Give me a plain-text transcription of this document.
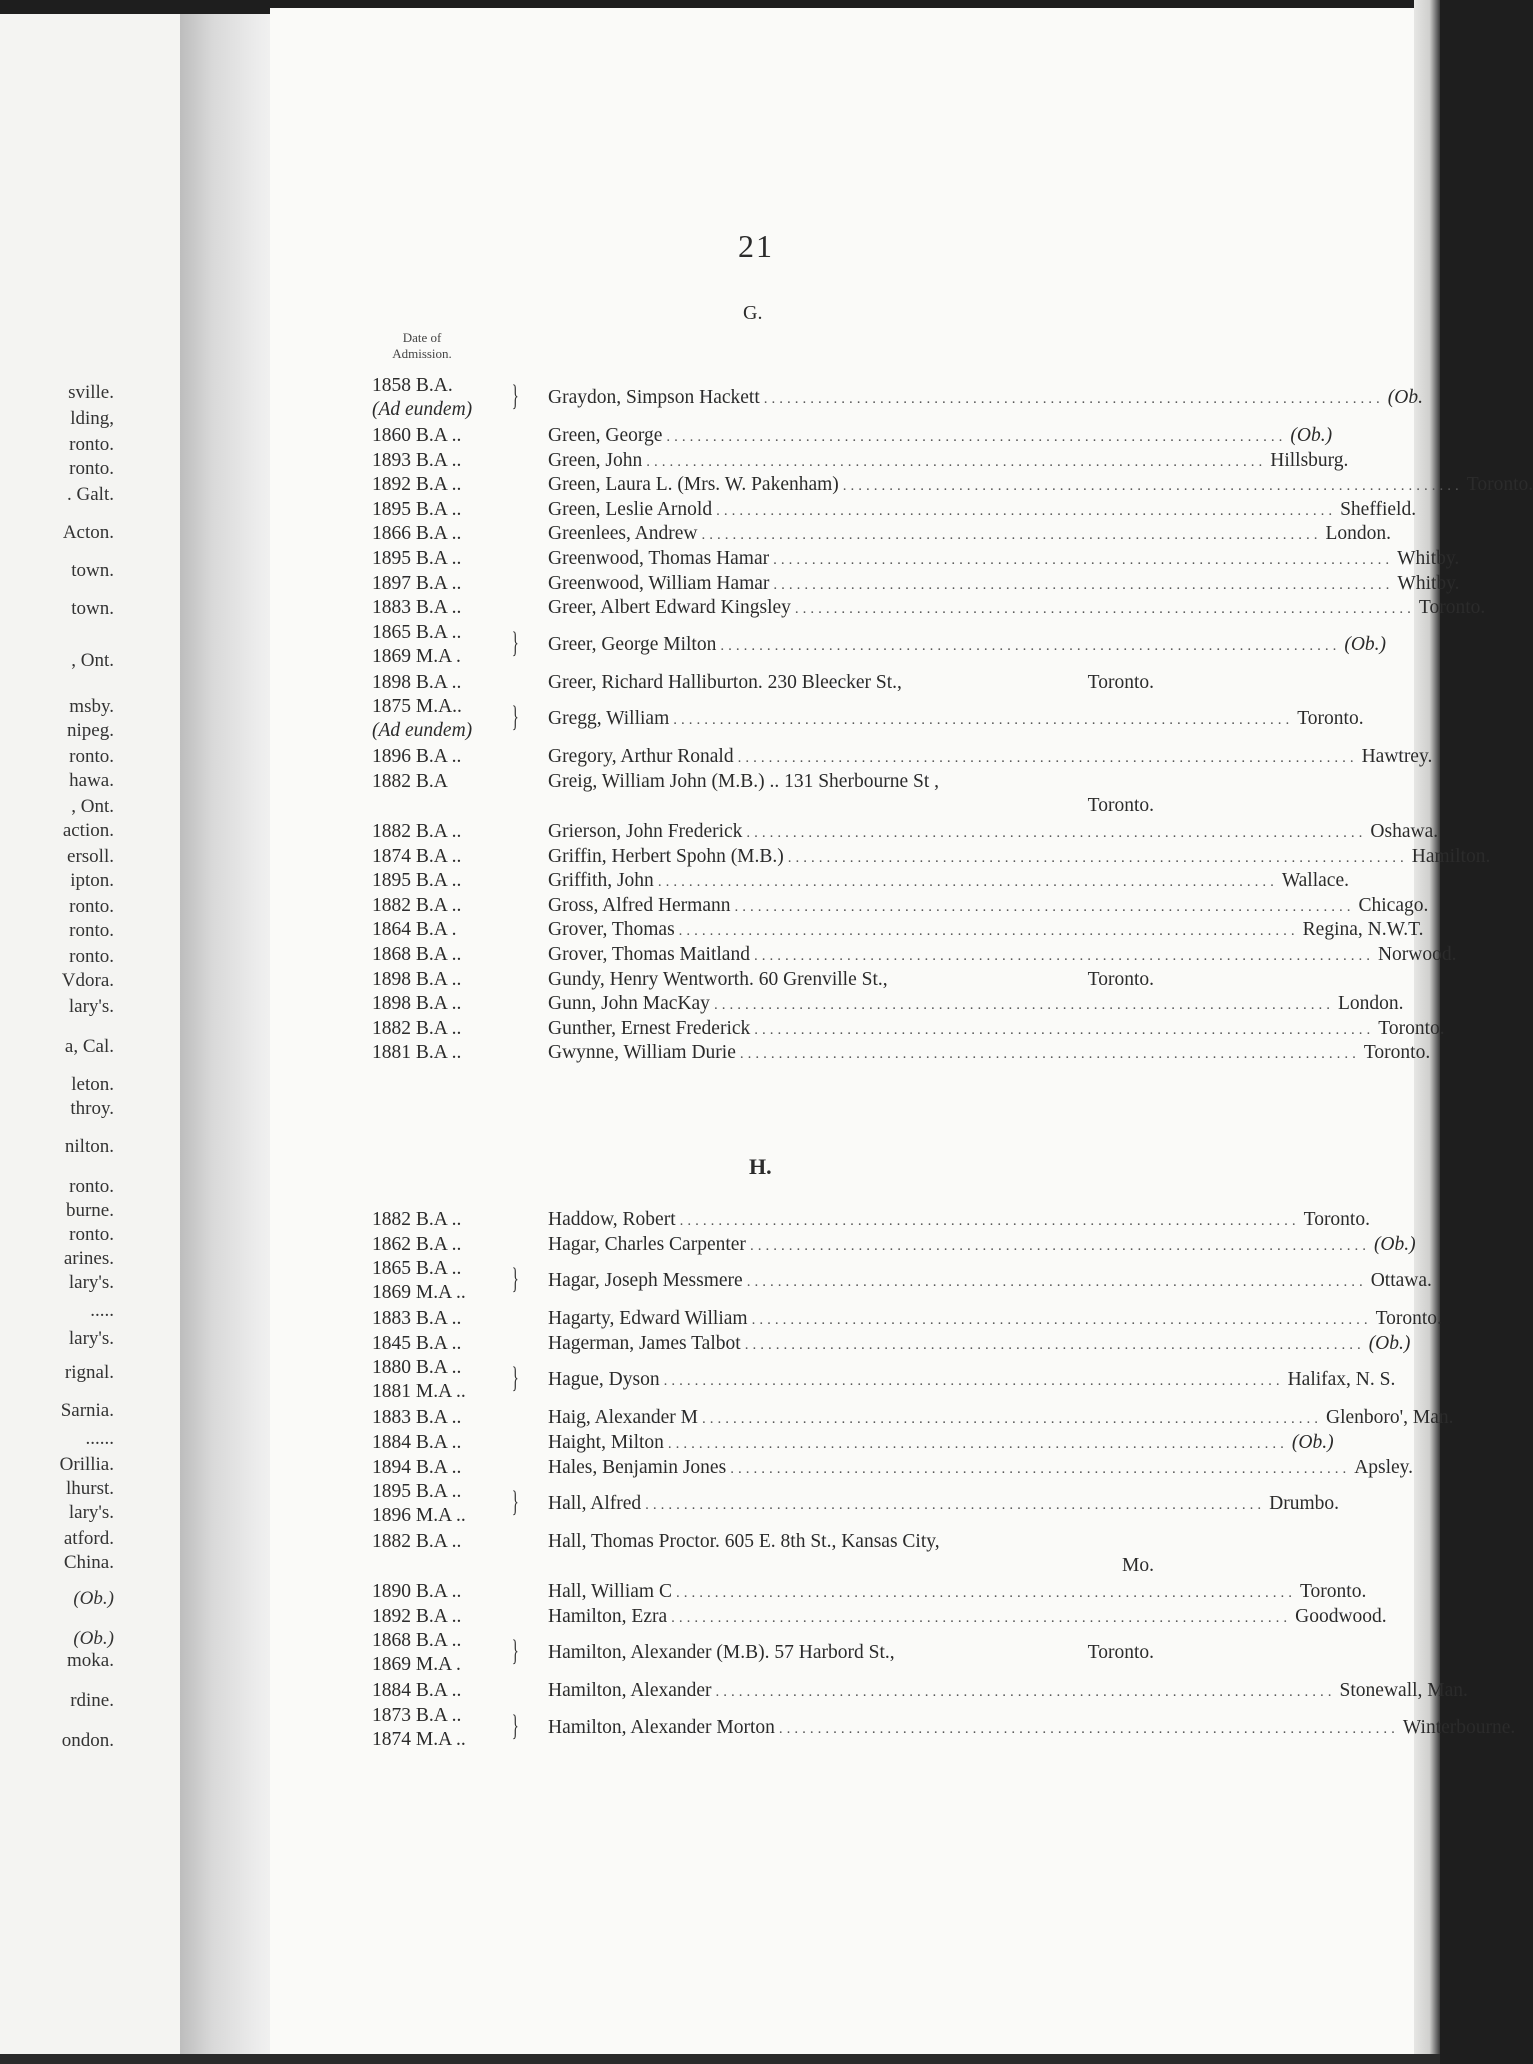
sville.
lding,
ronto.
ronto.
. Galt.
Acton.
town.
town.
, Ont.
msby.
nipeg.
ronto.
hawa.
, Ont.
action.
ersoll.
ipton.
ronto.
ronto.
ronto.
Vdora.
lary's.
a, Cal.
leton.
throy.
nilton.
ronto.
burne.
ronto.
arines.
lary's.
.....
lary's.
rignal.
Sarnia.
......
Orillia.
lhurst.
lary's.
atford.
China.
(Ob.)
(Ob.)
moka.
rdine.
ondon.
21
G.
Date of Admission.
H.
1858 B.A.
(Ad eundem)	} Graydon, Simpson Hackett ................................................................................ (Ob.
1860 B.A ..	Green, George ................................................................................ (Ob.)
1893 B.A ..	Green, John ................................................................................ Hillsburg.
1892 B.A ..	Green, Laura L. (Mrs. W. Pakenham) ................................................................................ Toronto.
1895 B.A ..	Green, Leslie Arnold ................................................................................ Sheffield.
1866 B.A ..	Greenlees, Andrew ................................................................................ London.
1895 B.A ..	Greenwood, Thomas Hamar ................................................................................ Whitby.
1897 B.A ..	Greenwood, William Hamar ................................................................................ Whitby.
1883 B.A ..	Greer, Albert Edward Kingsley ................................................................................ Toronto.
1865 B.A ..
1869 M.A .	} Greer, George Milton ................................................................................ (Ob.)
1898 B.A ..	Greer, Richard Halliburton. 230 Bleecker St.,	Toronto.
1875 M.A..
(Ad eundem)	} Gregg, William ................................................................................ Toronto.
1896 B.A ..	Gregory, Arthur Ronald ................................................................................ Hawtrey.
1882 B.A	Greig, William John (M.B.) .. 131 Sherbourne St ,
Toronto.
1882 B.A ..	Grierson, John Frederick ................................................................................ Oshawa.
1874 B.A ..	Griffin, Herbert Spohn (M.B.) ................................................................................ Hamilton.
1895 B.A ..	Griffith, John ................................................................................ Wallace.
1882 B.A ..	Gross, Alfred Hermann ................................................................................ Chicago.
1864 B.A .	Grover, Thomas ................................................................................ Regina, N.W.T.
1868 B.A ..	Grover, Thomas Maitland ................................................................................ Norwood.
1898 B.A ..	Gundy, Henry Wentworth. 60 Grenville St.,	Toronto.
1898 B.A ..	Gunn, John MacKay ................................................................................ London.
1882 B.A ..	Gunther, Ernest Frederick ................................................................................ Toronto.
1881 B.A ..	Gwynne, William Durie ................................................................................ Toronto.
1882 B.A ..	Haddow, Robert ................................................................................ Toronto.
1862 B.A ..	Hagar, Charles Carpenter ................................................................................ (Ob.)
1865 B.A ..
1869 M.A ..	} Hagar, Joseph Messmere ................................................................................ Ottawa.
1883 B.A ..	Hagarty, Edward William ................................................................................ Toronto.
1845 B.A ..	Hagerman, James Talbot ................................................................................ (Ob.)
1880 B.A ..
1881 M.A ..	} Hague, Dyson ................................................................................ Halifax, N. S.
1883 B.A ..	Haig, Alexander M ................................................................................ Glenboro', Man.
1884 B.A ..	Haight, Milton ................................................................................ (Ob.)
1894 B.A ..	Hales, Benjamin Jones ................................................................................ Apsley.
1895 B.A ..
1896 M.A ..	} Hall, Alfred ................................................................................ Drumbo.
1882 B.A ..	Hall, Thomas Proctor. 605 E. 8th St., Kansas City,
Mo.
1890 B.A ..	Hall, William C ................................................................................ Toronto.
1892 B.A ..	Hamilton, Ezra ................................................................................ Goodwood.
1868 B.A ..
1869 M.A .	} Hamilton, Alexander (M.B). 57 Harbord St.,	Toronto.
1884 B.A ..	Hamilton, Alexander ................................................................................ Stonewall, Man.
1873 B.A ..
1874 M.A ..	} Hamilton, Alexander Morton ................................................................................ Winterbourne.
